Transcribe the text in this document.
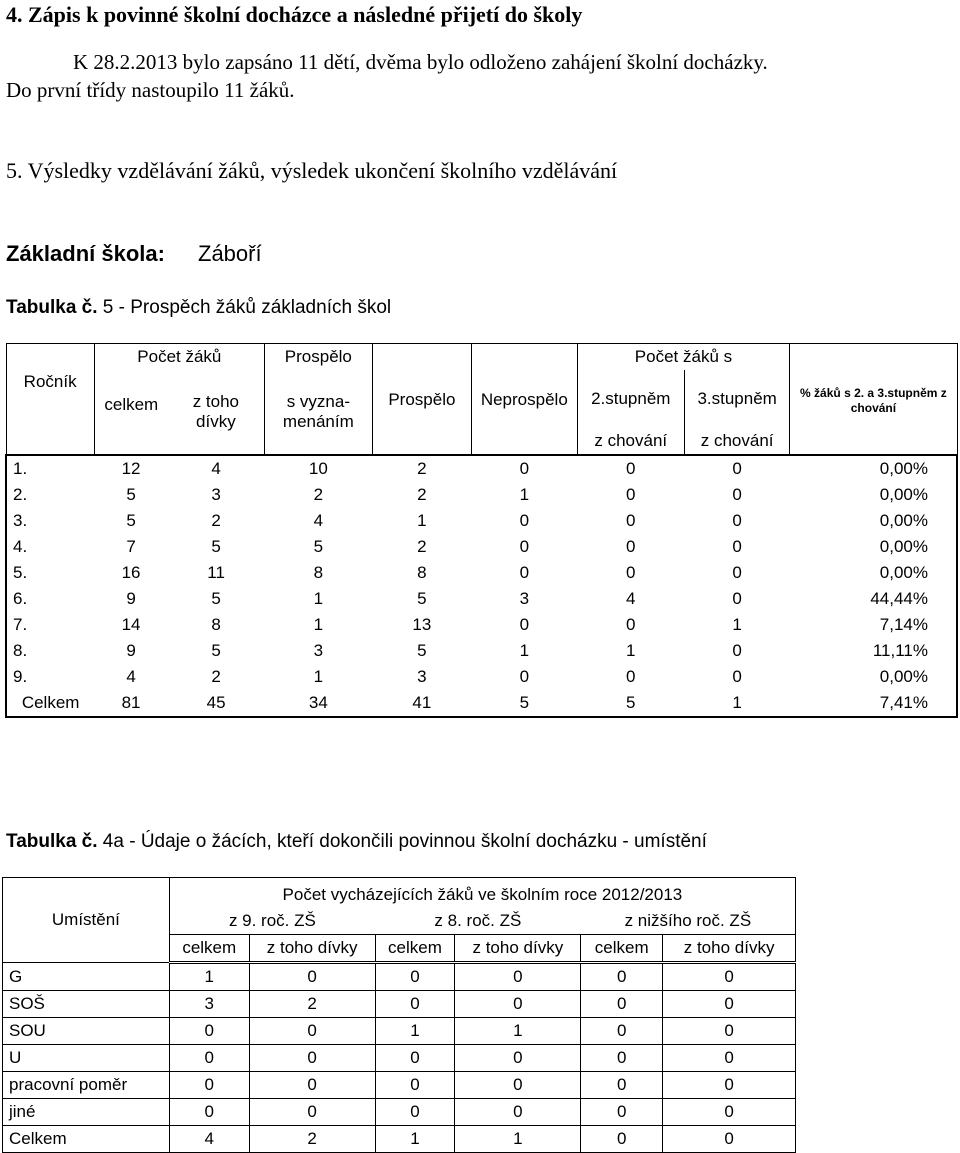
4. Zápis k povinné školní docházce a následné přijetí do školy
K 28.2.2013 bylo zapsáno 11 dětí, dvěma bylo odloženo zahájení školní docházky.
Do první třídy nastoupilo 11 žáků.
5. Výsledky vzdělávání žáků, výsledek ukončení školního vzdělávání
Základní škola: Záboří
Tabulka č. 5 - Prospěch žáků základních škol
Ročník	Počet žáků		Prospělo	Prospělo	Neprospělo	Počet žáků s		% žáků s 2. a 3.stupněm z chování
	celkem	z toho dívky	s vyzna- menáním			2.stupněm	3.stupněm	
						z chování	z chování	
1.	12	4	10	2	0	0	0	0,00%
2.	5	3	2	2	1	0	0	0,00%
3.	5	2	4	1	0	0	0	0,00%
4.	7	5	5	2	0	0	0	0,00%
5.	16	11	8	8	0	0	0	0,00%
6.	9	5	1	5	3	4	0	44,44%
7.	14	8	1	13	0	0	1	7,14%
8.	9	5	3	5	1	1	0	11,11%
9.	4	2	1	3	0	0	0	0,00%
Celkem	81	45	34	41	5	5	1	7,41%
Tabulka č. 4a - Údaje o žácích, kteří dokončili povinnou školní docházku - umístění
Umístění	Počet vycházejících žáků ve školním roce 2012/2013					
	z 9. roč. ZŠ		z 8. roč. ZŠ		z nižšího roč. ZŠ	
	celkem	z toho dívky	celkem	z toho dívky	celkem	z toho dívky
G	1	0	0	0	0	0
SOŠ	3	2	0	0	0	0
SOU	0	0	1	1	0	0
U	0	0	0	0	0	0
pracovní poměr	0	0	0	0	0	0
jiné	0	0	0	0	0	0
Celkem	4	2	1	1	0	0
